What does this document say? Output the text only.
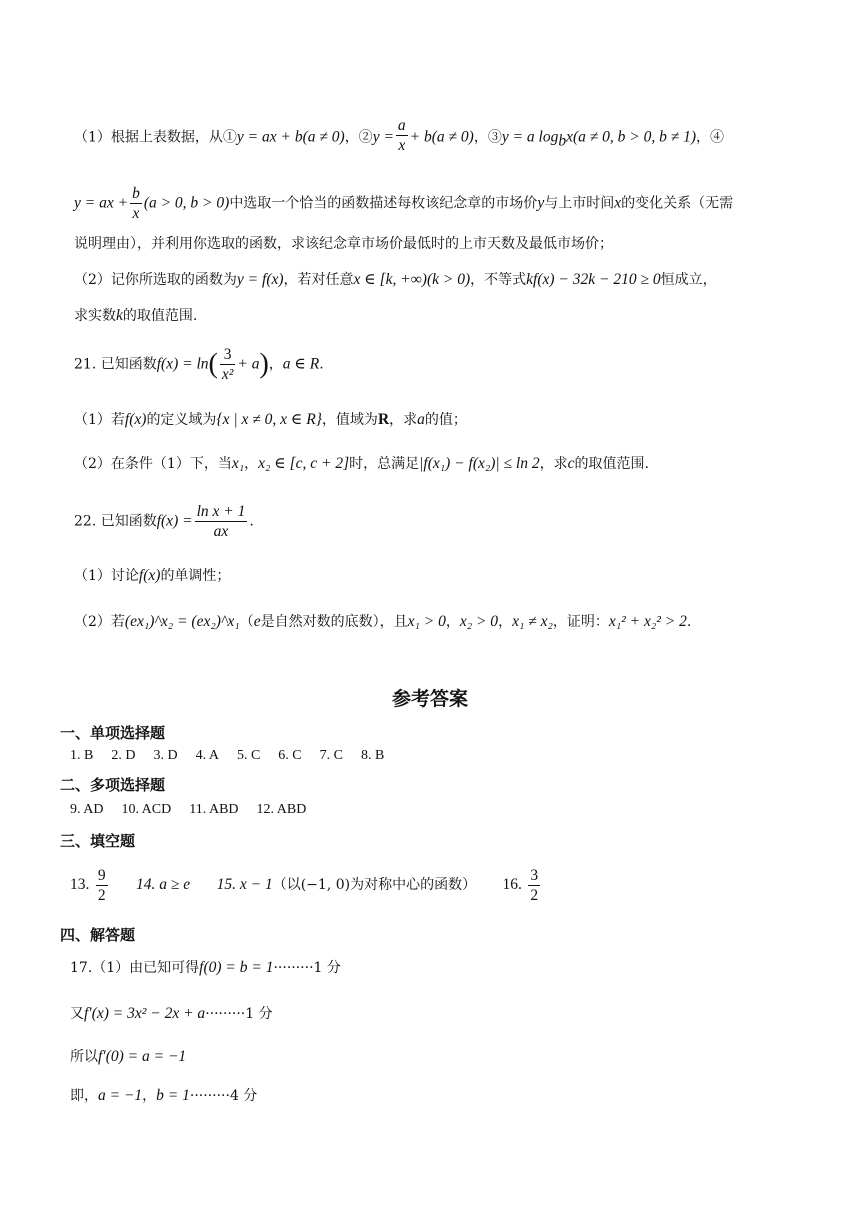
（1）根据上表数据，从①y = ax + b(a ≠ 0)，②y = $\frac{a}{x} + b(a \ne 0)$，③y = a $\log_bx(a \ne 0$, b > 0, b ≠ 1)，④
y = ax + $\frac{b}{x} (a > 0$, b > 0)中选取一个恰当的函数描述每枚该纪念章的市场价y与上市时间x的变化关系（无需
说明理由），并利用你选取的函数，求该纪念章市场价最低时的上市天数及最低市场价；
（2）记你所选取的函数为y = f(x)，若对任意x ∈ [k, +∞)(k > 0)，不等式kf(x) − 32k − 210 ≥ 0恒成立，
求实数k的取值范围.
21. 已知函数$f(x) = \ln( \frac{3}{\text{x²}} + a)$，a ∈ R.
（1）若f(x)的定义域为{x | x ≠ 0, x ∈ R}，值域为R，求a的值；
（2）在条件（1）下，当x₁，x₂ ∈ [c, c + 2]时，总满足|f(x₁) − f(x₂)| ≤ ln 2，求c的取值范围.
22. 已知函数$f(x) = \frac{\text{ln x + 1}}{ax}$ .
（1）讨论f(x)的单调性；
（2）若(ex₁)^x₂ = (ex₂)^x₁（e是自然对数的底数），且x₁ > 0，x₂ > 0，x₁ ≠ x₂，证明：x₁² + x₂² > 2.
参考答案
一、单项选择题
1. B 2. D 3. D 4. A 5. C 6. C 7. C 8. B
二、多项选择题
9. AD 10. ACD 11. ABD 12. ABD
三、填空题
13. $\frac{9}{2} 14$. a ≥ e 15. x − 1（以(−1, 0)为对称中心的函数） 16. $\frac{3}{2}$
四、解答题
17.（1）由已知可得f(0) = b = 1·········1 分
又f′(x) = 3x² − 2x + a·········1 分
所以f′(0) = a = −1
即，a = −1，b = 1·········4 分
